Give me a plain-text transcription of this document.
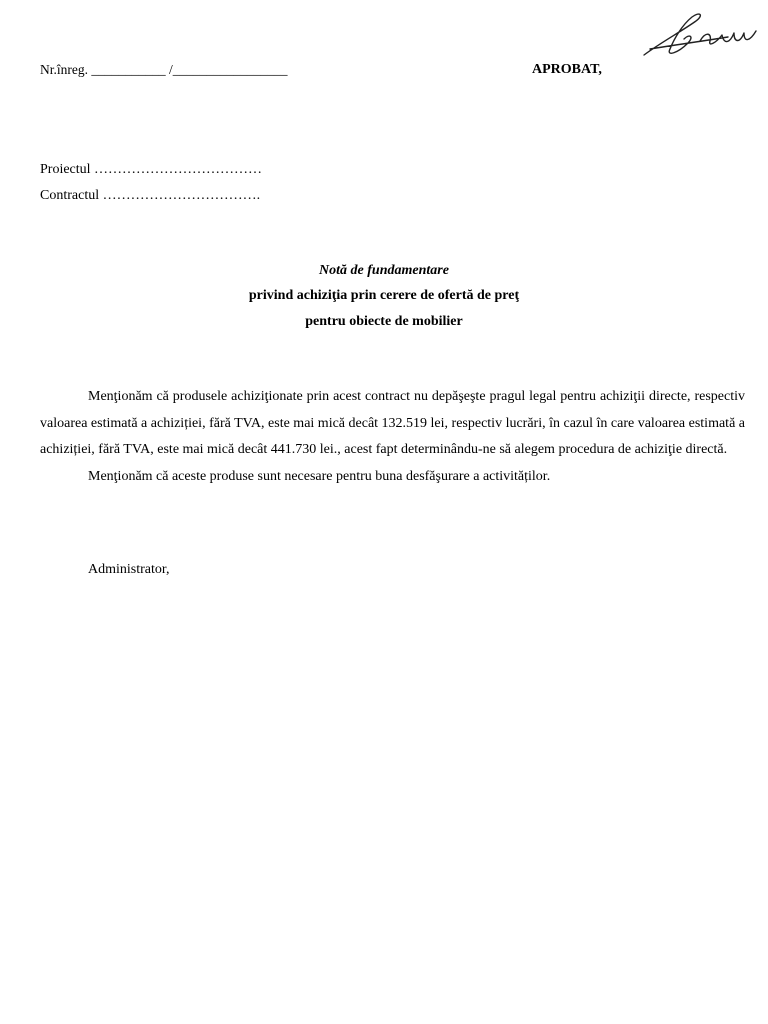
Nr.înreg. ___________ /_________________	APROBAT,
Proiectul ………………………………
Contractul …………………………….
Notă de fundamentare
privind achiziţia prin cerere de ofertă de preţ
pentru obiecte de mobilier

Menţionăm că produsele achiziţionate prin acest contract nu depăşeşte pragul legal pentru achiziţii directe, respectiv valoarea estimată a achiziției, fără TVA, este mai mică decât 132.519 lei, respectiv lucrări, în cazul în care valoarea estimată a achiziției, fără TVA, este mai mică decât 441.730 lei., acest fapt determinându-ne să alegem procedura de achiziţie directă.

Menţionăm că aceste produse sunt necesare pentru buna desfăşurare a activităților.

Administrator,
